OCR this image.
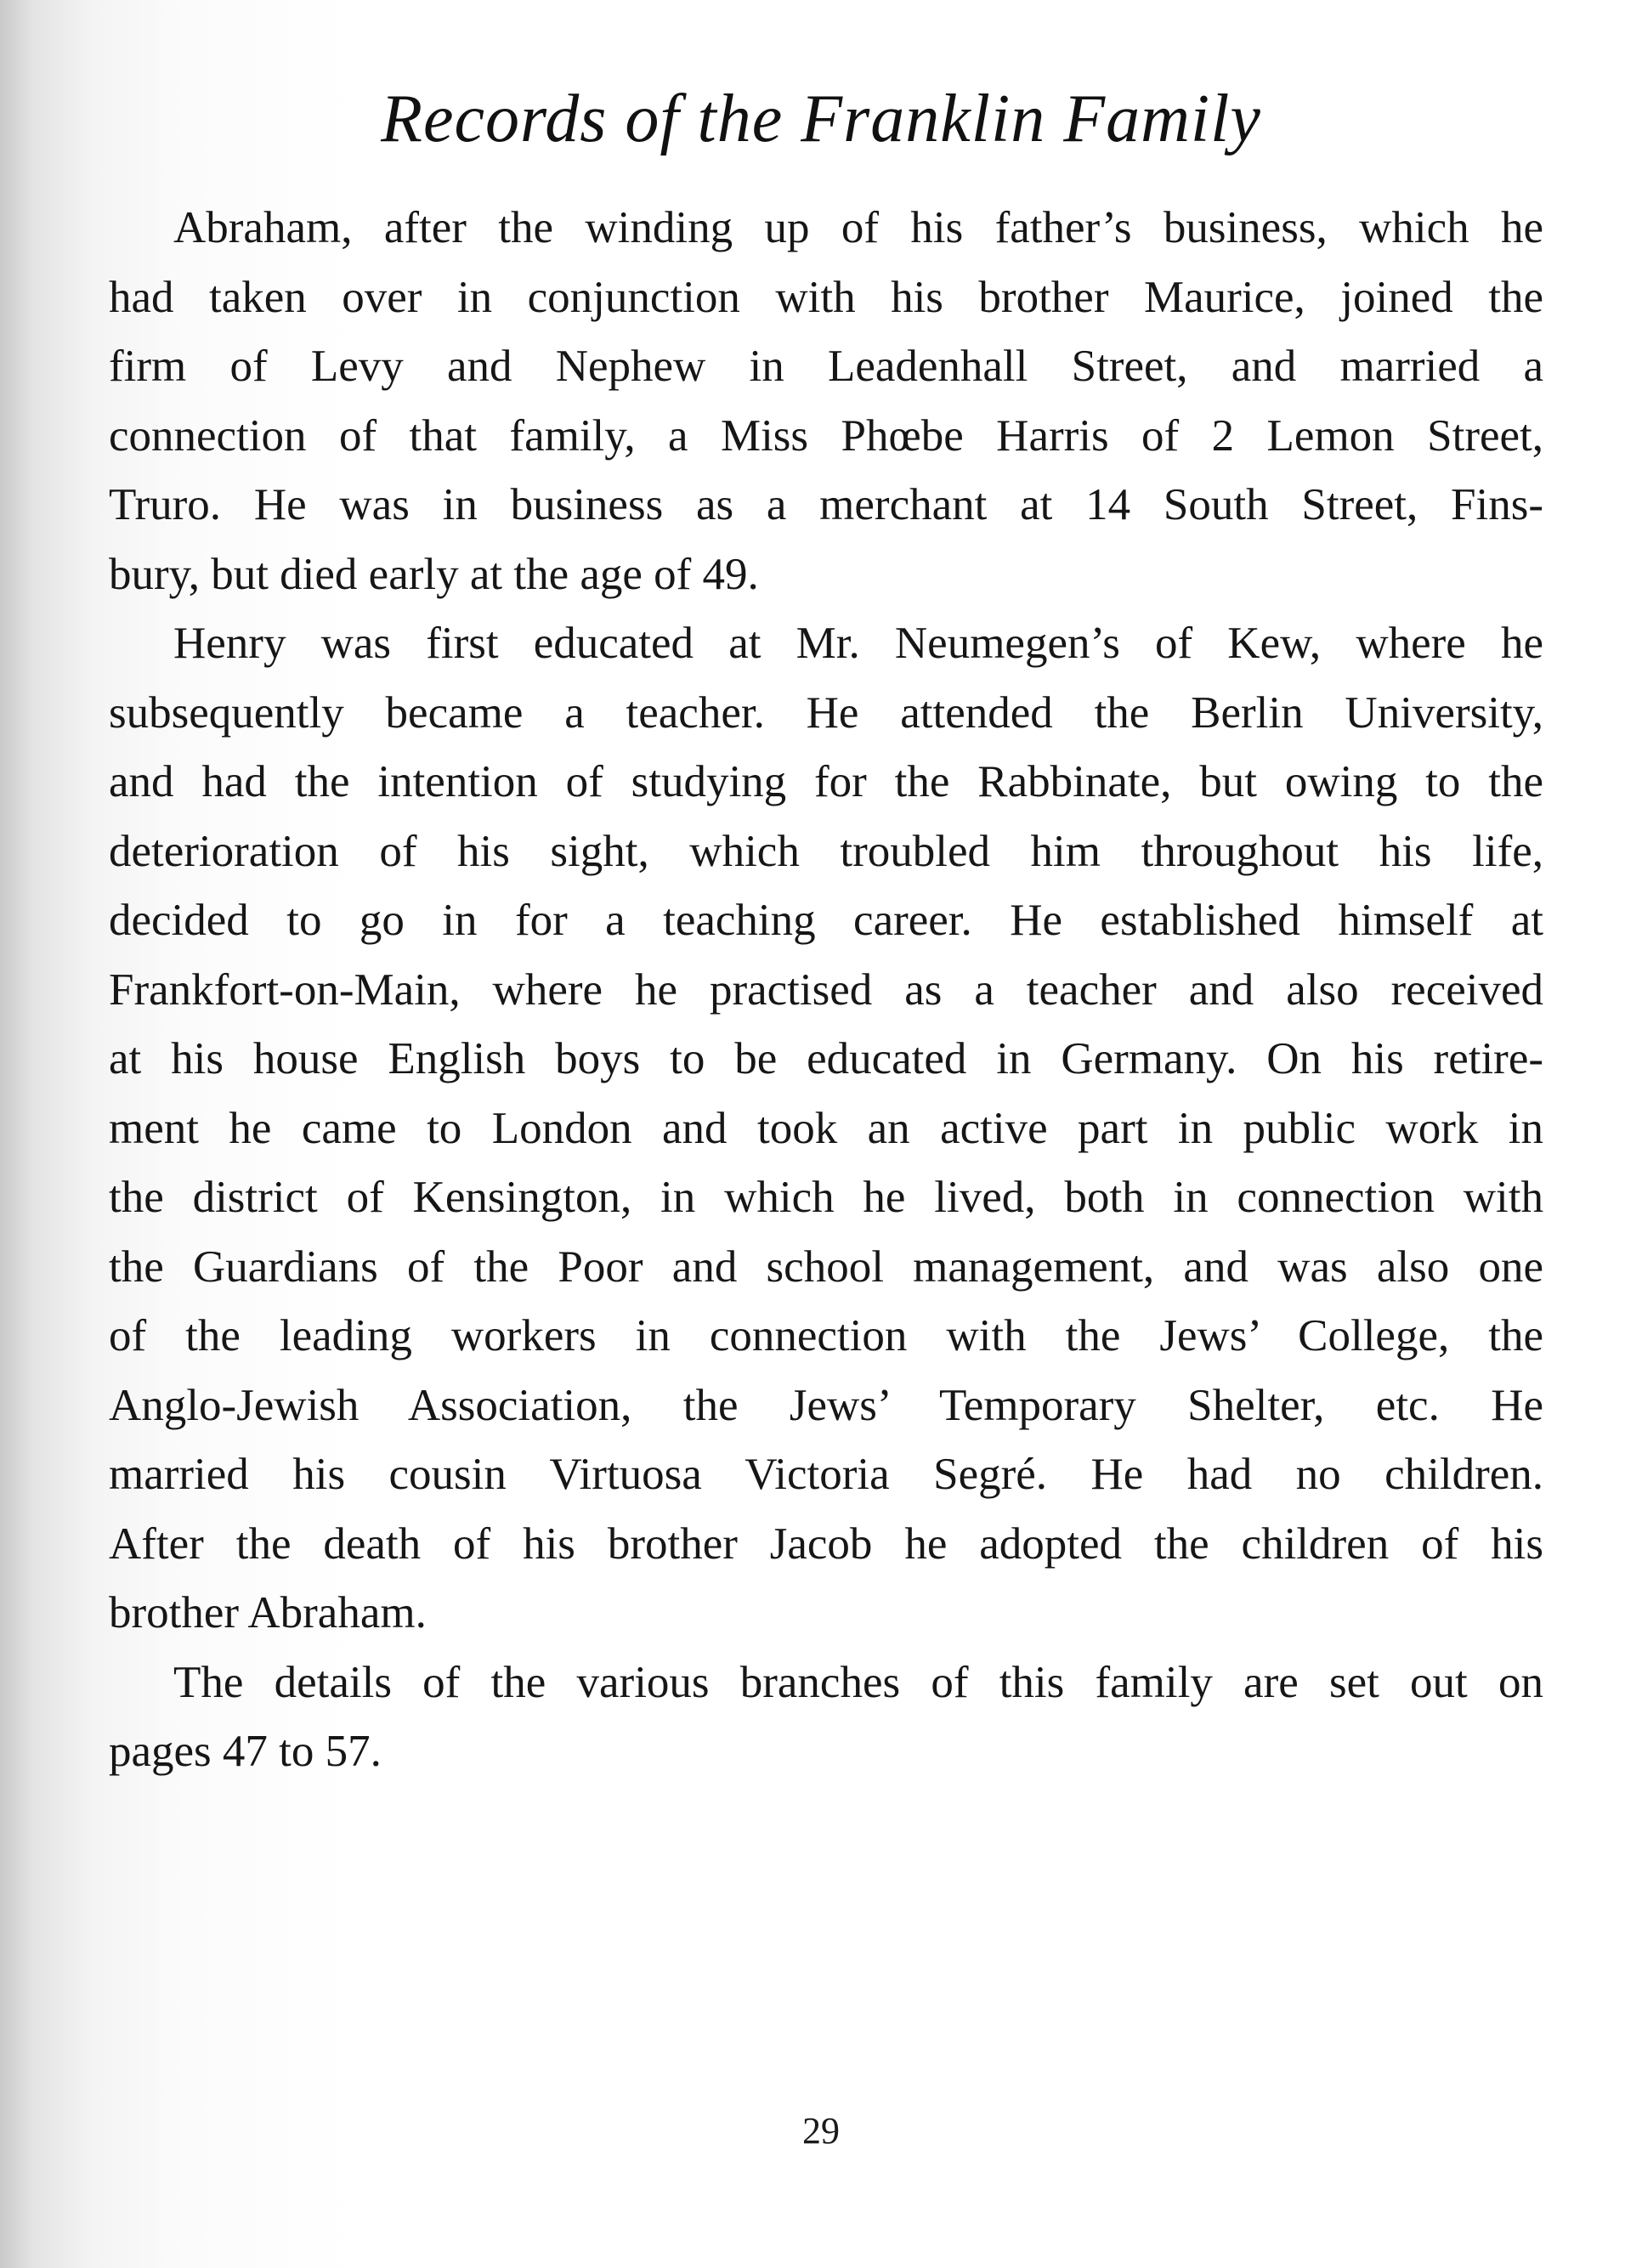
Records of the Franklin Family

Abraham, after the winding up of his father’s business, which he
had taken over in conjunction with his brother Maurice, joined the
firm of Levy and Nephew in Leadenhall Street, and married a
connection of that family, a Miss Phœbe Harris of 2 Lemon Street,
Truro. He was in business as a merchant at 14 South Street, Fins-
bury, but died early at the age of 49.

Henry was first educated at Mr. Neumegen’s of Kew, where he
subsequently became a teacher. He attended the Berlin University,
and had the intention of studying for the Rabbinate, but owing to the
deterioration of his sight, which troubled him throughout his life,
decided to go in for a teaching career. He established himself at
Frankfort-on-Main, where he practised as a teacher and also received
at his house English boys to be educated in Germany. On his retire-
ment he came to London and took an active part in public work in
the district of Kensington, in which he lived, both in connection with
the Guardians of the Poor and school management, and was also one
of the leading workers in connection with the Jews’ College, the
Anglo-Jewish Association, the Jews’ Temporary Shelter, etc. He
married his cousin Virtuosa Victoria Segré. He had no children.
After the death of his brother Jacob he adopted the children of his
brother Abraham.

The details of the various branches of this family are set out on
pages 47 to 57.

29
